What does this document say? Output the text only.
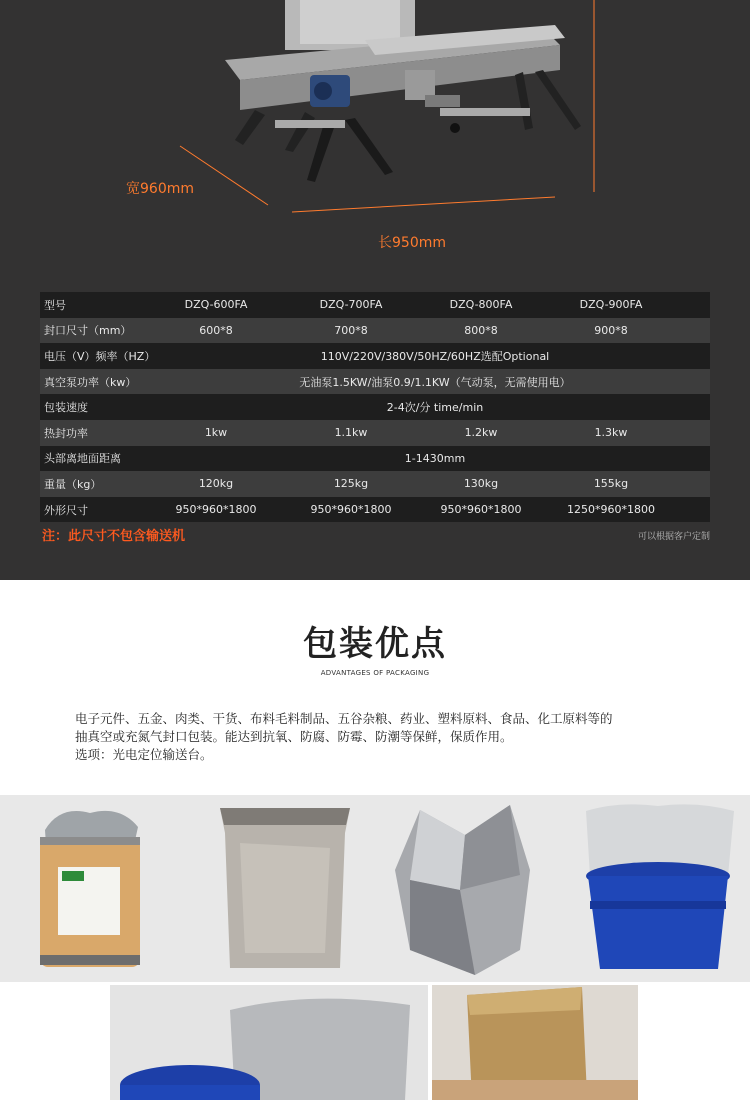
宽960mm
长950mm
型号	DZQ-600FA	DZQ-700FA	DZQ-800FA	DZQ-900FA
封口尺寸（mm）	600*8	700*8	800*8	900*8
电压（V）频率（HZ）	110V/220V/380V/50HZ/60HZ选配Optional
真空泵功率（kw）	无油泵1.5KW/油泵0.9/1.1KW（气动泵，无需使用电）
包装速度	2-4次/分 time/min
热封功率	1kw	1.1kw	1.2kw	1.3kw
头部离地面距离	1-1430mm
重量（kg）	120kg	125kg	130kg	155kg
外形尺寸	950*960*1800	950*960*1800	950*960*1800	1250*960*1800
注：此尺寸不包含输送机	可以根据客户定制
包装优点
ADVANTAGES OF PACKAGING

电子元件、五金、肉类、干货、布料毛料制品、五谷杂粮、药业、塑料原料、食品、化工原料等的

抽真空或充氮气封口包装。能达到抗氧、防腐、防霉、防潮等保鲜，保质作用。

选项：光电定位输送台。
